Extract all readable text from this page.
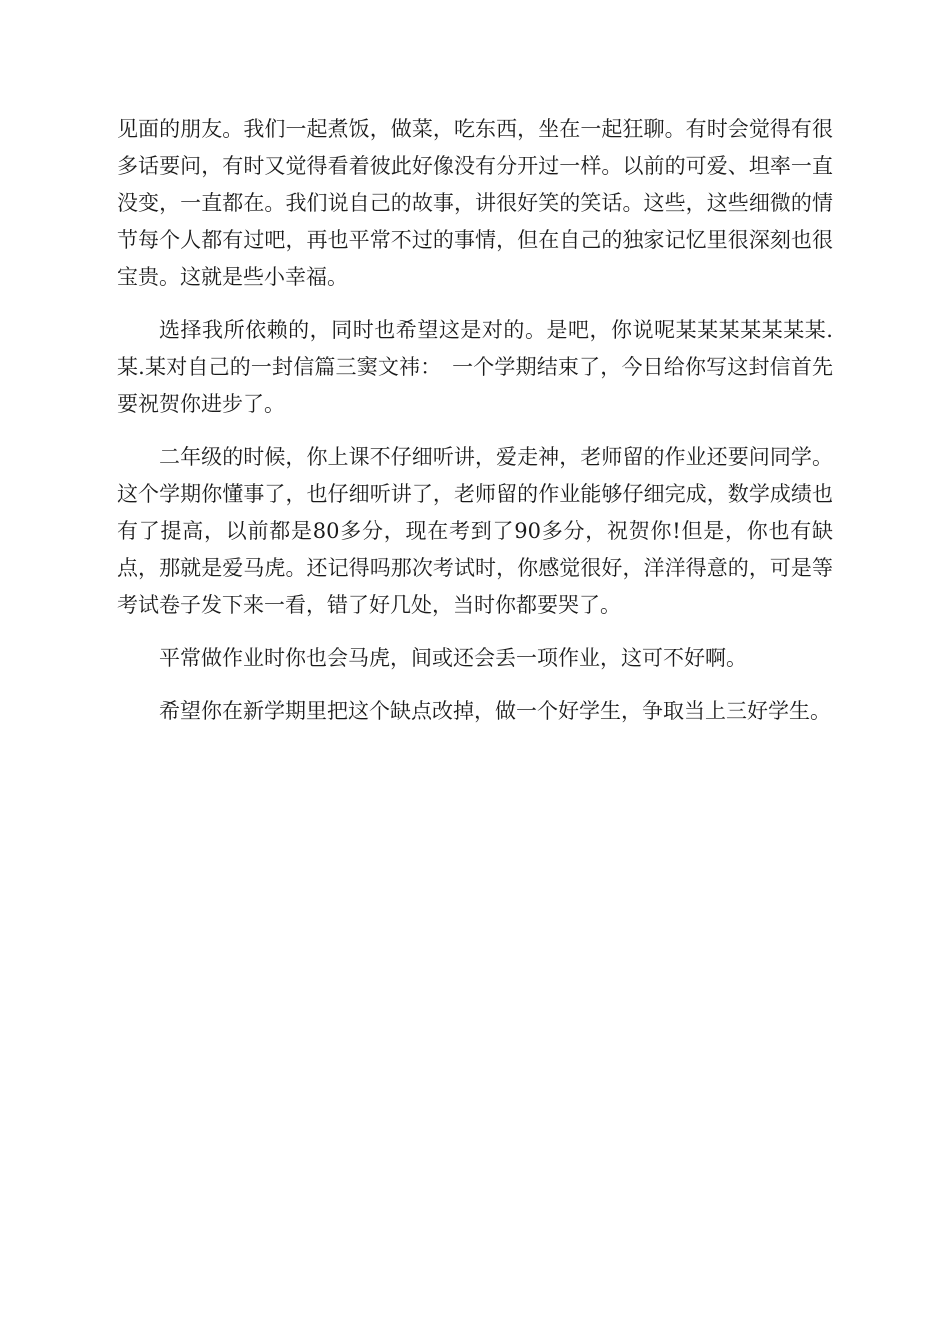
见面的朋友。我们一起煮饭，做菜，吃东西，坐在一起狂聊。有时会觉得有很多话要问，有时又觉得看着彼此好像没有分开过一样。以前的可爱、坦率一直没变，一直都在。我们说自己的故事，讲很好笑的笑话。这些，这些细微的情节每个人都有过吧，再也平常不过的事情，但在自己的独家记忆里很深刻也很宝贵。这就是些小幸福。

选择我所依赖的，同时也希望这是对的。是吧，你说呢某某某某某某某.某.某对自己的一封信篇三窦文祎：　一个学期结束了，今日给你写这封信首先要祝贺你进步了。

二年级的时候，你上课不仔细听讲，爱走神，老师留的作业还要问同学。这个学期你懂事了，也仔细听讲了，老师留的作业能够仔细完成，数学成绩也有了提高，以前都是80多分，现在考到了90多分，祝贺你!但是，你也有缺点，那就是爱马虎。还记得吗那次考试时，你感觉很好，洋洋得意的，可是等考试卷子发下来一看，错了好几处，当时你都要哭了。

平常做作业时你也会马虎，间或还会丢一项作业，这可不好啊。

希望你在新学期里把这个缺点改掉，做一个好学生，争取当上三好学生。
